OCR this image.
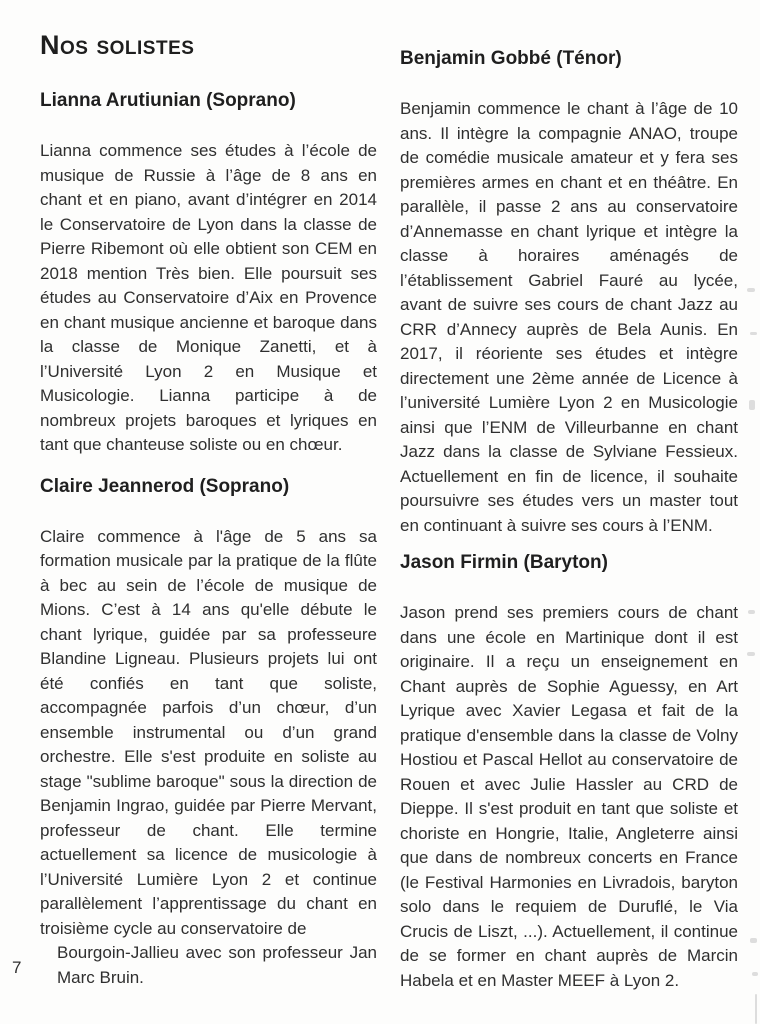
Nos solistes
Lianna Arutiunian (Soprano)

Lianna commence ses études à l’école de musique de Russie à l’âge de 8 ans en chant et en piano, avant d’intégrer en 2014 le Conservatoire de Lyon dans la classe de Pierre Ribemont où elle obtient son CEM en 2018 mention Très bien. Elle poursuit ses études au Conservatoire d’Aix en Provence en chant musique ancienne et baroque dans la classe de Monique Zanetti, et à l’Université Lyon 2 en Musique et Musicologie. Lianna participe à de nombreux projets baroques et lyriques en tant que chanteuse soliste ou en chœur.

Claire Jeannerod (Soprano)

Claire commence à l'âge de 5 ans sa formation musicale par la pratique de la flûte à bec au sein de l’école de musique de Mions. C’est à 14 ans qu'elle débute le chant lyrique, guidée par sa professeure Blandine Ligneau. Plusieurs projets lui ont été confiés en tant que soliste, accompagnée parfois d’un chœur, d’un ensemble instrumental ou d’un grand orchestre. Elle s'est produite en soliste au stage "sublime baroque" sous la direction de Benjamin Ingrao, guidée par Pierre Mervant, professeur de chant. Elle termine actuellement sa licence de musicologie à l’Université Lumière Lyon 2 et continue parallèlement l’apprentissage du chant en troisième cycle au conservatoire de
Bourgoin-Jallieu avec son professeur Jan Marc Bruin.

Benjamin Gobbé (Ténor)

Benjamin commence le chant à l’âge de 10 ans. Il intègre la compagnie ANAO, troupe de comédie musicale amateur et y fera ses premières armes en chant et en théâtre. En parallèle, il passe 2 ans au conservatoire d’Annemasse en chant lyrique et intègre la classe à horaires aménagés de l’établissement Gabriel Fauré au lycée, avant de suivre ses cours de chant Jazz au CRR d’Annecy auprès de Bela Aunis. En 2017, il réoriente ses études et intègre directement une 2ème année de Licence à l’université Lumière Lyon 2 en Musicologie ainsi que l’ENM de Villeurbanne en chant Jazz dans la classe de Sylviane Fessieux. Actuellement en fin de licence, il souhaite poursuivre ses études vers un master tout en continuant à suivre ses cours à l’ENM.

Jason Firmin (Baryton)

Jason prend ses premiers cours de chant dans une école en Martinique dont il est originaire. Il a reçu un enseignement en Chant auprès de Sophie Aguessy, en Art Lyrique avec Xavier Legasa et fait de la pratique d'ensemble dans la classe de Volny Hostiou et Pascal Hellot au conservatoire de Rouen et avec Julie Hassler au CRD de Dieppe. Il s'est produit en tant que soliste et choriste en Hongrie, Italie, Angleterre ainsi que dans de nombreux concerts en France (le Festival Harmonies en Livradois, baryton solo dans le requiem de Duruflé, le Via Crucis de Liszt, ...). Actuellement, il continue de se former en chant auprès de Marcin Habela et en Master MEEF à Lyon 2.

7
